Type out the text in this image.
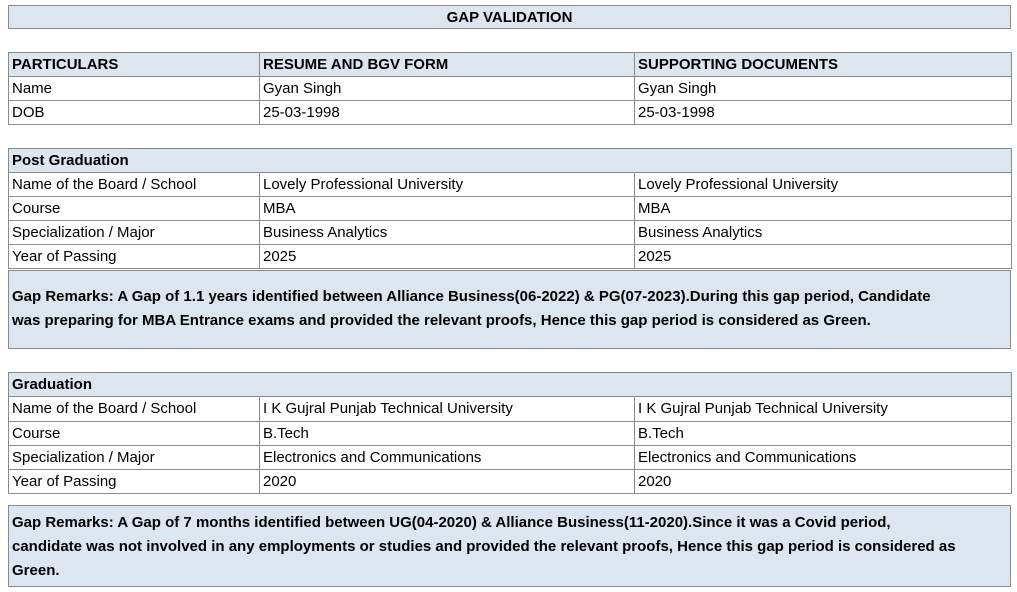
GAP VALIDATION
PARTICULARS	RESUME AND BGV FORM	SUPPORTING DOCUMENTS
Name	Gyan Singh	Gyan Singh
DOB	25-03-1998	25-03-1998
Post Graduation		
Name of the Board / School	Lovely Professional University	Lovely Professional University
Course	MBA	MBA
Specialization / Major	Business Analytics	Business Analytics
Year of Passing	2025	2025
Gap Remarks: A Gap of 1.1 years identified between Alliance Business(06-2022) & PG(07-2023).During this gap period, Candidate
was preparing for MBA Entrance exams and provided the relevant proofs, Hence this gap period is considered as Green.
Graduation		
Name of the Board / School	I K Gujral Punjab Technical University	I K Gujral Punjab Technical University
Course	B.Tech	B.Tech
Specialization / Major	Electronics and Communications	Electronics and Communications
Year of Passing	2020	2020
Gap Remarks: A Gap of 7 months identified between UG(04-2020) & Alliance Business(11-2020).Since it was a Covid period,
candidate was not involved in any employments or studies and provided the relevant proofs, Hence this gap period is considered as
Green.
